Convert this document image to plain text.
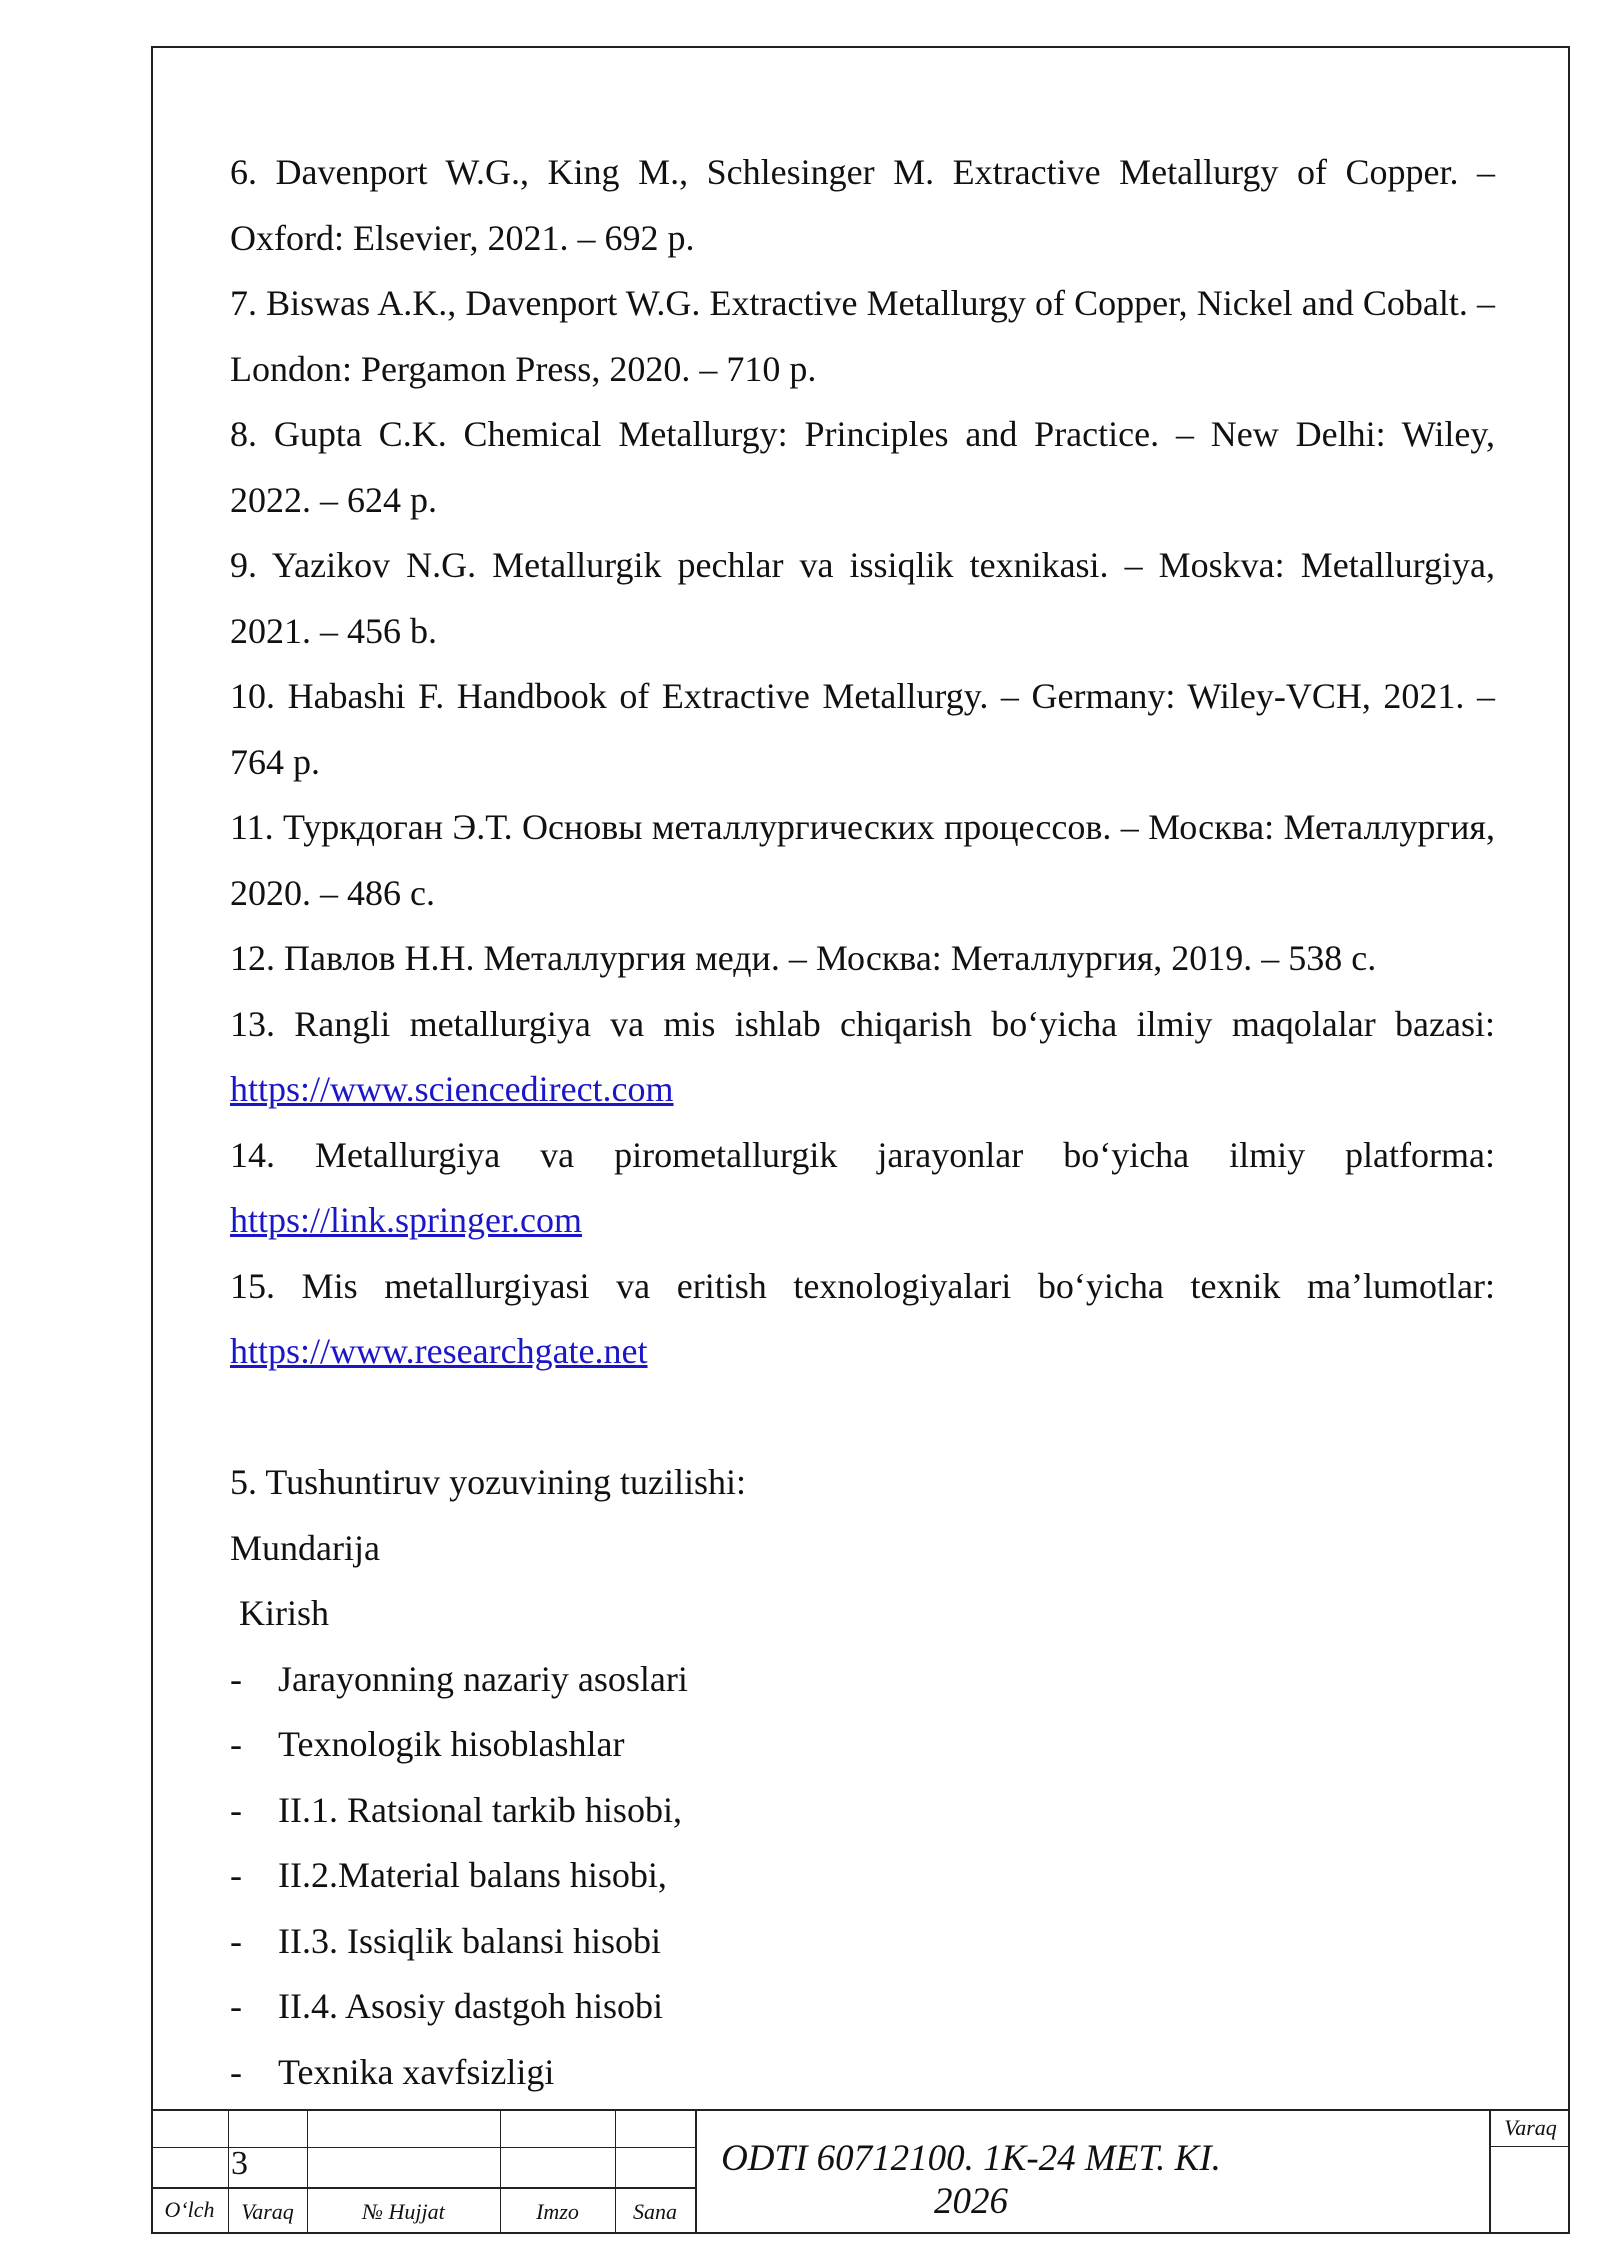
6. Davenport W.G., King M., Schlesinger M. Extractive Metallurgy of Copper. – Oxford: Elsevier, 2021. – 692 p.

7. Biswas A.K., Davenport W.G. Extractive Metallurgy of Copper, Nickel and Cobalt. – London: Pergamon Press, 2020. – 710 p.

8. Gupta C.K. Chemical Metallurgy: Principles and Practice. – New Delhi: Wiley, 2022. – 624 p.

9. Yazikov N.G. Metallurgik pechlar va issiqlik texnikasi. – Moskva: Metallurgiya, 2021. – 456 b.

10. Habashi F. Handbook of Extractive Metallurgy. – Germany: Wiley-VCH, 2021. – 764 p.

11. Туркдоган Э.Т. Основы металлургических процессов. – Москва: Металлургия, 2020. – 486 с.

12. Павлов Н.Н. Металлургия меди. – Москва: Металлургия, 2019. – 538 с.

13. Rangli metallurgiya va mis ishlab chiqarish boʻyicha ilmiy maqolalar bazasi: https://www.sciencedirect.com

14. Metallurgiya va pirometallurgik jarayonlar boʻyicha ilmiy platforma: https://link.springer.com

15. Mis metallurgiyasi va eritish texnologiyalari boʻyicha texnik ma’lumotlar: https://www.researchgate.net

5. Tushuntiruv yozuvining tuzilishi:

Mundarija

Kirish

-	Jarayonning nazariy asoslari

-	Texnologik hisoblashlar

-	II.1. Ratsional tarkib hisobi,

-	II.2.Material balans hisobi,

-	II.3. Issiqlik balansi hisobi

-	II.4. Asosiy dastgoh hisobi

-	Texnika xavfsizligi

3
O‘lch	Varaq	№ Hujjat	Imzo	Sana
ODTI 60712100. 1K-24 MET. KI. 2026
Varaq
